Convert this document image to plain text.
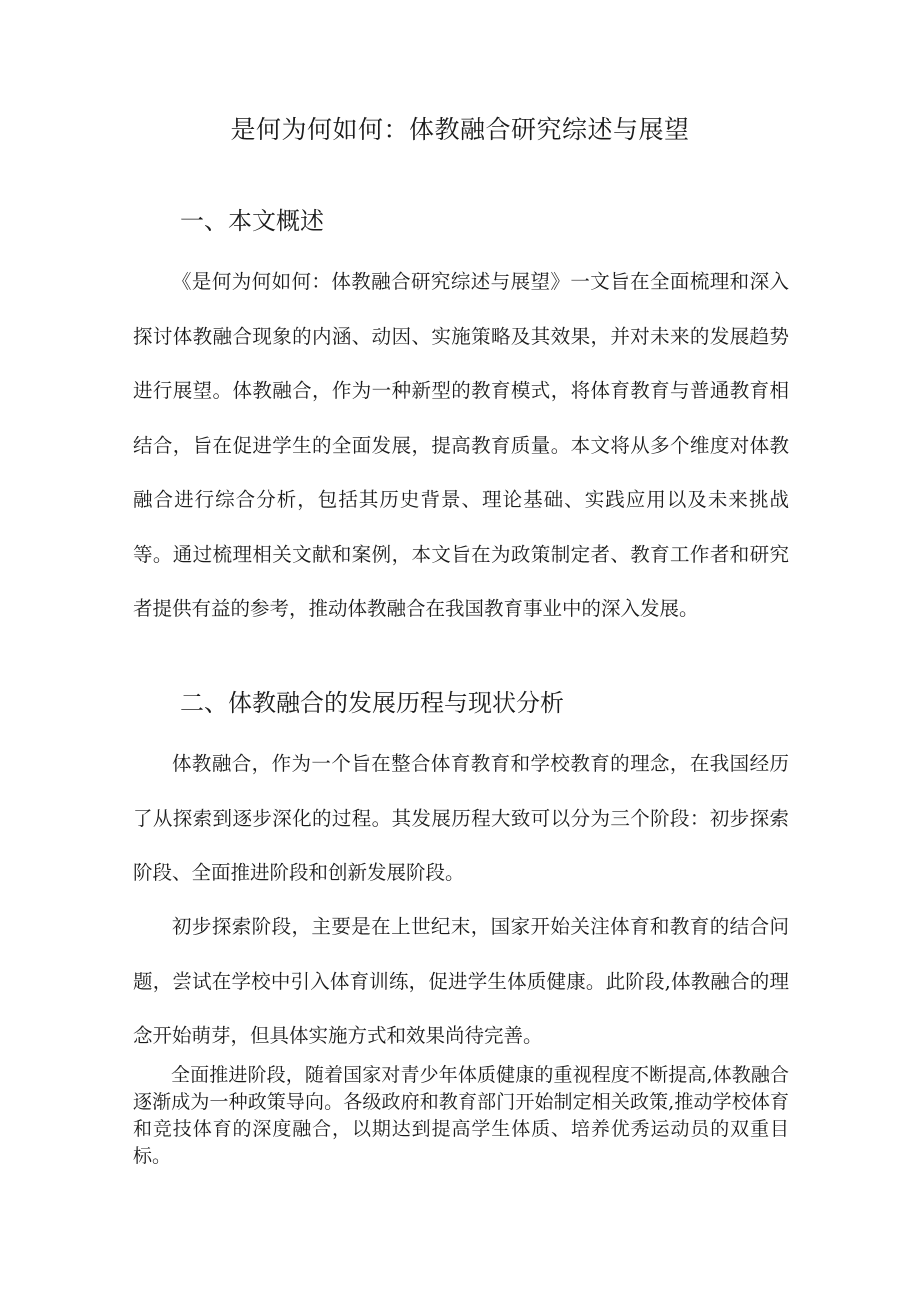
是何为何如何：体教融合研究综述与展望
一、本文概述

《是何为何如何：体教融合研究综述与展望》一文旨在全面梳理和深入探讨体教融合现象的内涵、动因、实施策略及其效果，并对未来的发展趋势进行展望。体教融合，作为一种新型的教育模式，将体育教育与普通教育相结合，旨在促进学生的全面发展，提高教育质量。本文将从多个维度对体教融合进行综合分析，包括其历史背景、理论基础、实践应用以及未来挑战等。通过梳理相关文献和案例，本文旨在为政策制定者、教育工作者和研究者提供有益的参考，推动体教融合在我国教育事业中的深入发展。

二、体教融合的发展历程与现状分析

体教融合，作为一个旨在整合体育教育和学校教育的理念，在我国经历了从探索到逐步深化的过程。其发展历程大致可以分为三个阶段：初步探索阶段、全面推进阶段和创新发展阶段。

初步探索阶段，主要是在上世纪末，国家开始关注体育和教育的结合问题，尝试在学校中引入体育训练，促进学生体质健康。此阶段,体教融合的理念开始萌芽，但具体实施方式和效果尚待完善。

全面推进阶段，随着国家对青少年体质健康的重视程度不断提高,体教融合逐渐成为一种政策导向。各级政府和教育部门开始制定相关政策,推动学校体育和竞技体育的深度融合，以期达到提高学生体质、培养优秀运动员的双重目标。
